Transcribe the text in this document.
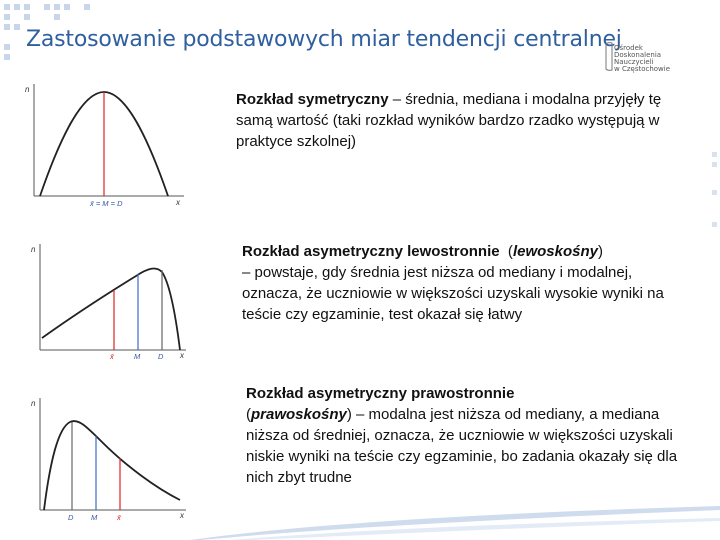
Zastosowanie podstawowych miar tendencji centralnej
Ośrodek
Doskonalenia
Nauczycieli
w Częstochowie
n
x
x̄ = M = D

Rozkład symetryczny – średnia, mediana i modalna przyjęły tę samą wartość (taki rozkład wyników bardzo rzadko występują w praktyce szkolnej)

n
x
x̄	M D

Rozkład asymetryczny lewostronnie  (lewoskośny)
– powstaje, gdy średnia jest niższa od mediany i modalnej, oznacza, że uczniowie w większości uzyskali wysokie wyniki na teście czy egzaminie, test okazał się łatwy

n
x
D M	x̄

Rozkład asymetryczny prawostronnie
(prawoskośny) – modalna jest niższa od mediany, a mediana niższa od średniej, oznacza, że uczniowie w większości uzyskali niskie wyniki na teście czy egzaminie, bo zadania okazały się dla nich zbyt trudne
